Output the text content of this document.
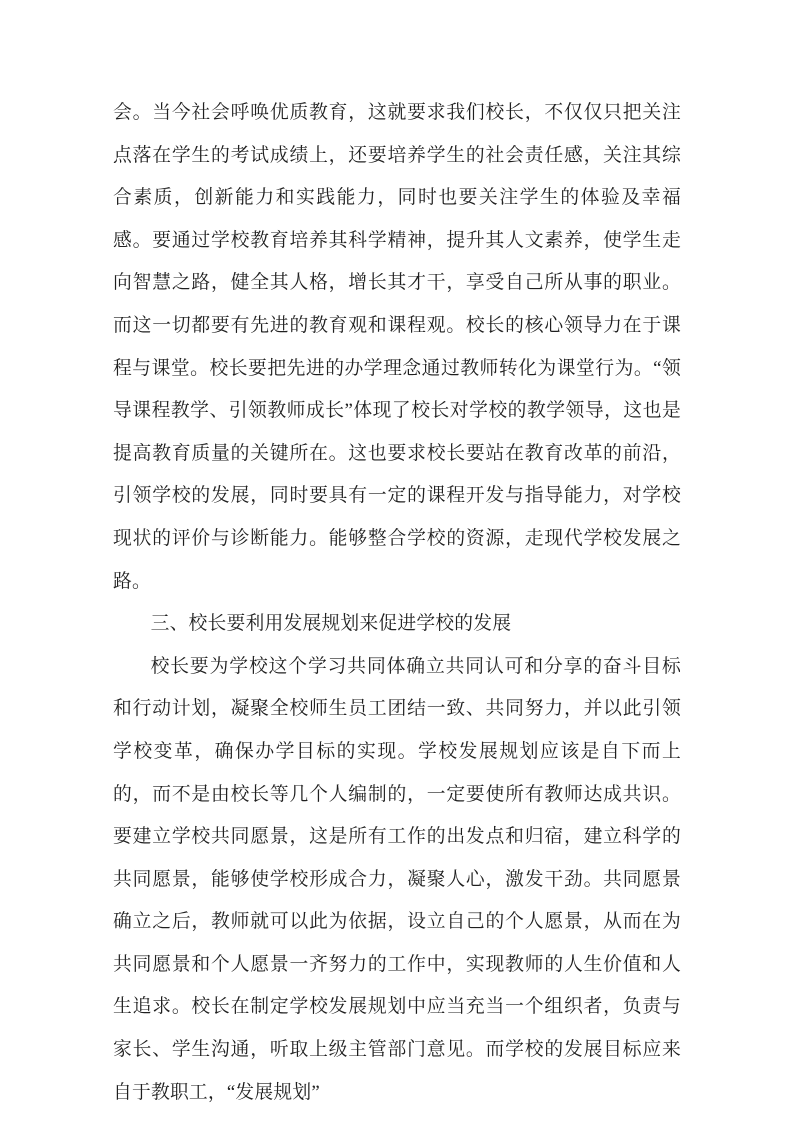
会。当今社会呼唤优质教育，这就要求我们校长，不仅仅只把关注点落在学生的考试成绩上，还要培养学生的社会责任感，关注其综合素质，创新能力和实践能力，同时也要关注学生的体验及幸福感。要通过学校教育培养其科学精神，提升其人文素养，使学生走向智慧之路，健全其人格，增长其才干，享受自己所从事的职业。而这一切都要有先进的教育观和课程观。校长的核心领导力在于课程与课堂。校长要把先进的办学理念通过教师转化为课堂行为。“领导课程教学、引领教师成长”体现了校长对学校的教学领导，这也是提高教育质量的关键所在。这也要求校长要站在教育改革的前沿，引领学校的发展，同时要具有一定的课程开发与指导能力，对学校现状的评价与诊断能力。能够整合学校的资源，走现代学校发展之路。

三、校长要利用发展规划来促进学校的发展

校长要为学校这个学习共同体确立共同认可和分享的奋斗目标和行动计划，凝聚全校师生员工团结一致、共同努力，并以此引领学校变革，确保办学目标的实现。学校发展规划应该是自下而上的，而不是由校长等几个人编制的，一定要使所有教师达成共识。要建立学校共同愿景，这是所有工作的出发点和归宿，建立科学的共同愿景，能够使学校形成合力，凝聚人心，激发干劲。共同愿景确立之后，教师就可以此为依据，设立自己的个人愿景，从而在为共同愿景和个人愿景一齐努力的工作中，实现教师的人生价值和人生追求。校长在制定学校发展规划中应当充当一个组织者，负责与家长、学生沟通，听取上级主管部门意见。而学校的发展目标应来自于教职工，“发展规划”
